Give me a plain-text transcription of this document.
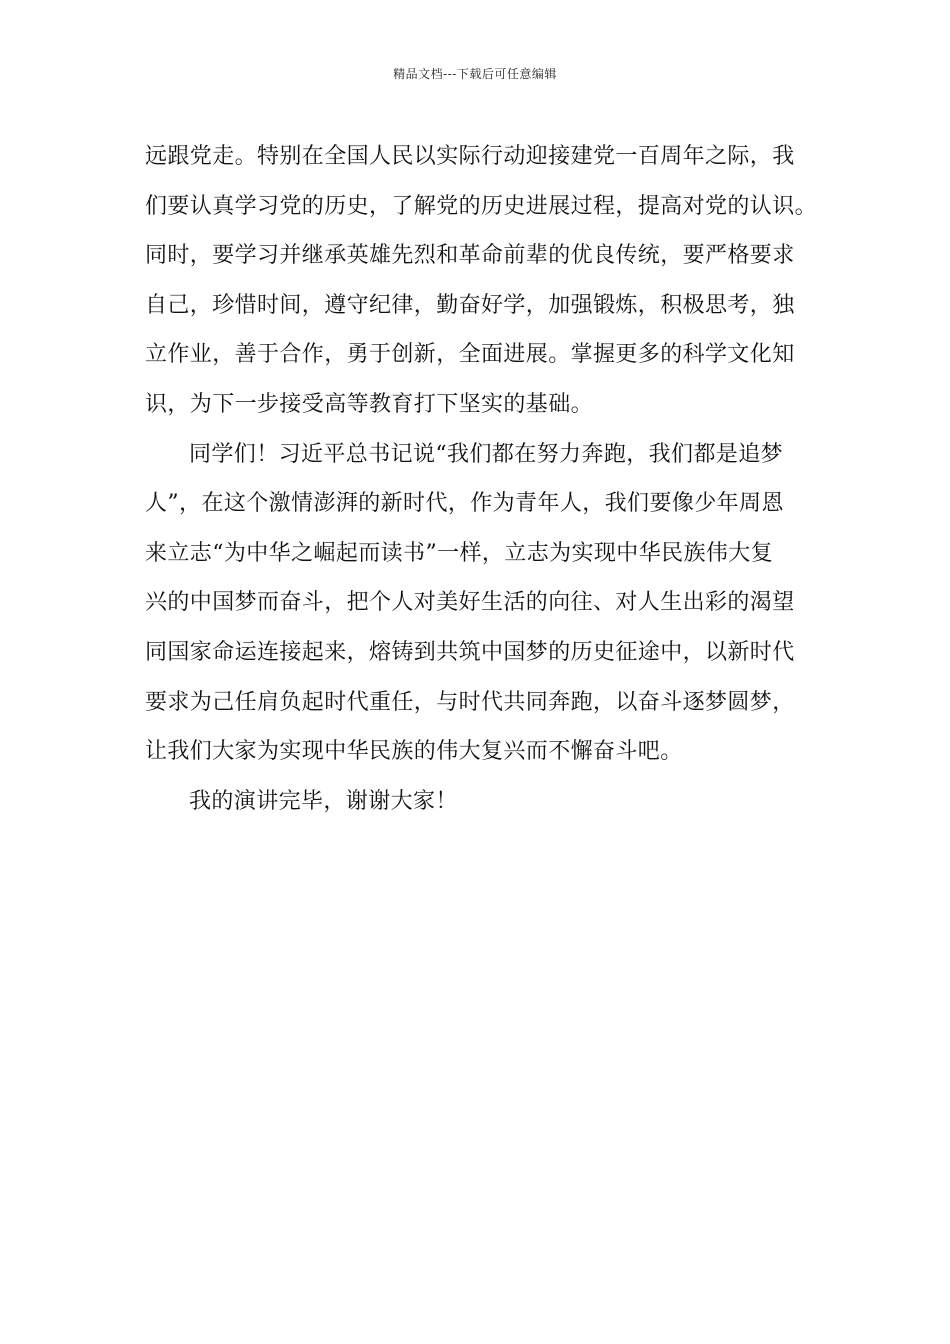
精品文档---下载后可任意编辑

远跟党走。特别在全国人民以实际行动迎接建党一百周年之际，我
们要认真学习党的历史，了解党的历史进展过程，提高对党的认识。
同时，要学习并继承英雄先烈和革命前辈的优良传统，要严格要求
自己，珍惜时间，遵守纪律，勤奋好学，加强锻炼，积极思考，独
立作业，善于合作，勇于创新，全面进展。掌握更多的科学文化知
识，为下一步接受高等教育打下坚实的基础。

同学们！习近平总书记说“我们都在努力奔跑，我们都是追梦
人”，在这个激情澎湃的新时代，作为青年人，我们要像少年周恩
来立志“为中华之崛起而读书”一样，立志为实现中华民族伟大复
兴的中国梦而奋斗，把个人对美好生活的向往、对人生出彩的渴望
同国家命运连接起来，熔铸到共筑中国梦的历史征途中，以新时代
要求为己任肩负起时代重任，与时代共同奔跑，以奋斗逐梦圆梦，
让我们大家为实现中华民族的伟大复兴而不懈奋斗吧。

我的演讲完毕，谢谢大家！
